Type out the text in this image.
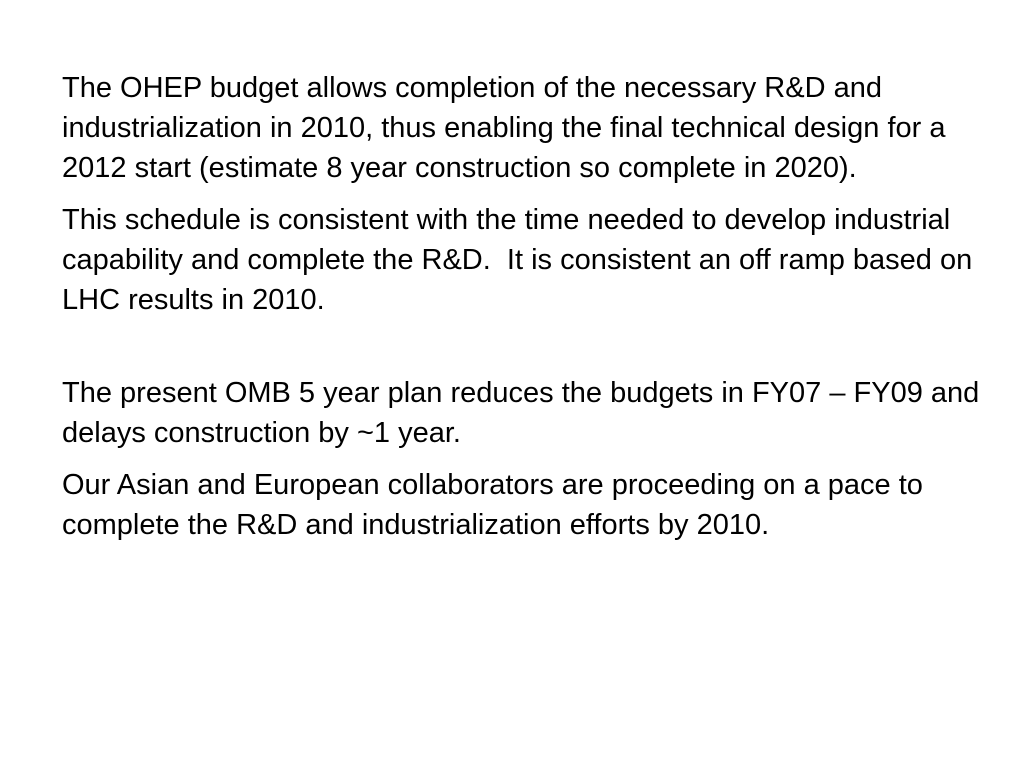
The OHEP budget allows completion of the necessary R&D and industrialization in 2010, thus enabling the final technical design for a 2012 start (estimate 8 year construction so complete in 2020).

This schedule is consistent with the time needed to develop industrial capability and complete the R&D.  It is consistent an off ramp based on LHC results in 2010.

The present OMB 5 year plan reduces the budgets in FY07 – FY09 and delays construction by ~1 year.

Our Asian and European collaborators are proceeding on a pace to complete the R&D and industrialization efforts by 2010.
